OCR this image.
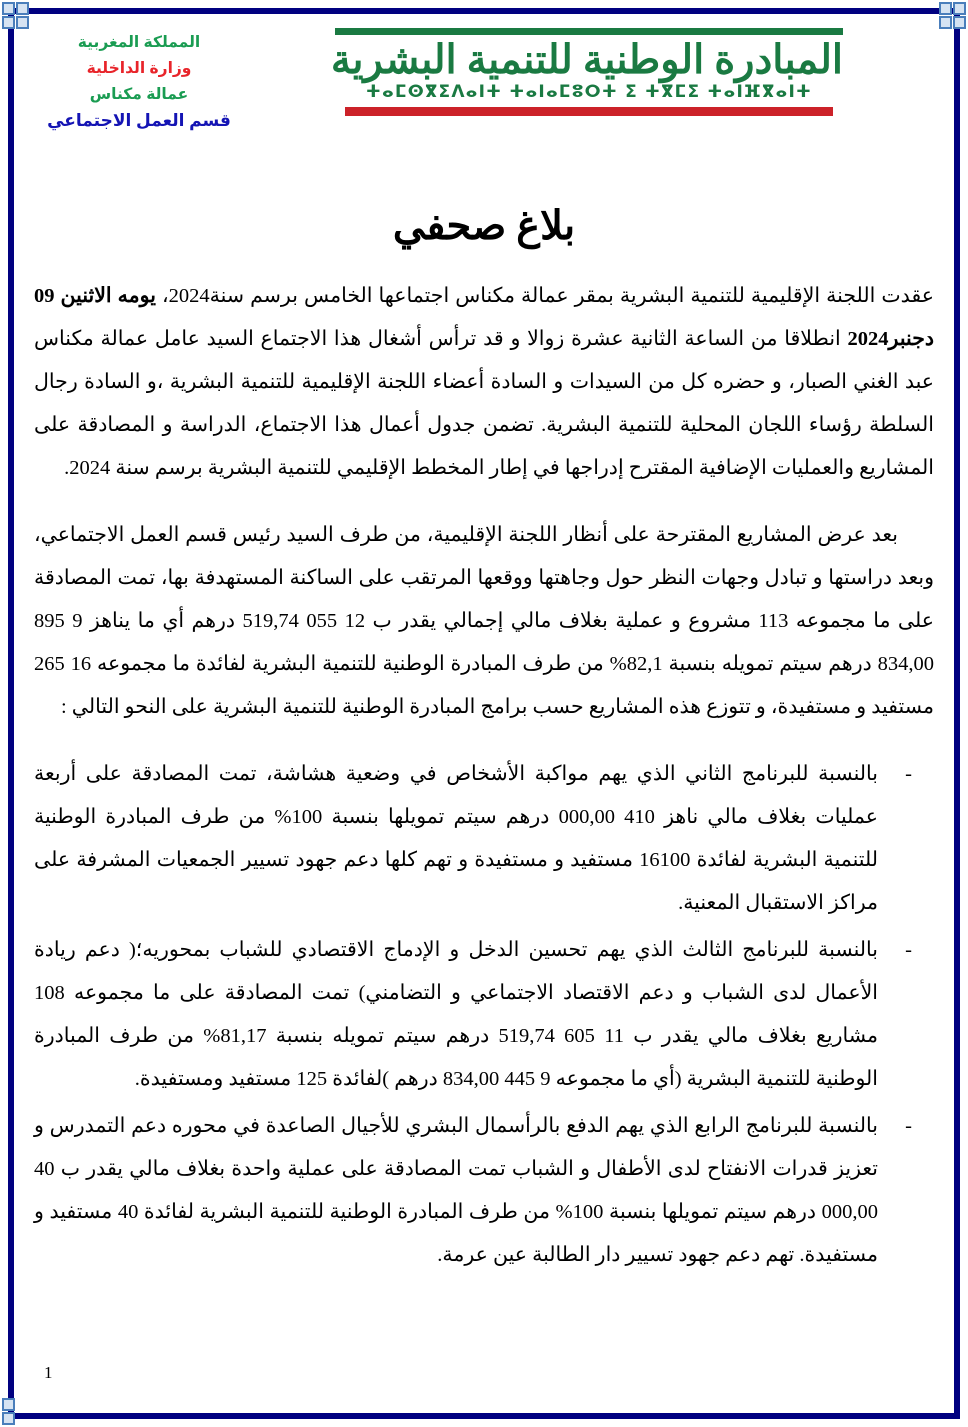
المبادرة الوطنية للتنمية البشرية
ⵜⴰⵎⵙⴳⵉⴷⴰⵏⵜ ⵜⴰⵏⴰⵎⵓⵔⵜ ⵉ ⵜⴳⵎⵉ ⵜⴰⵏⴼⴳⴰⵏⵜ
المملكة المغربية
وزارة الداخلية
عمالة مكناس
قسم العمل الاجتماعي
بلاغ صحفي

عقدت اللجنة الإقليمية للتنمية البشرية بمقر عمالة مكناس اجتماعها الخامس برسم سنة2024، يومه الاثنين 09 دجنبر2024 انطلاقا من الساعة الثانية عشرة زوالا و قد ترأس أشغال هذا الاجتماع السيد عامل عمالة مكناس عبد الغني الصبار، و حضره كل من السيدات و السادة أعضاء اللجنة الإقليمية للتنمية البشرية ،و السادة رجال السلطة رؤساء اللجان المحلية للتنمية البشرية. تضمن جدول أعمال هذا الاجتماع، الدراسة و المصادقة على المشاريع والعمليات الإضافية المقترح إدراجها في إطار المخطط الإقليمي للتنمية البشرية برسم سنة 2024.

بعد عرض المشاريع المقترحة على أنظار اللجنة الإقليمية، من طرف السيد رئيس قسم العمل الاجتماعي، وبعد دراستها و تبادل وجهات النظر حول وجاهتها ووقعها المرتقب على الساكنة المستهدفة بها، تمت المصادقة على ما مجموعه 113 مشروع و عملية بغلاف مالي إجمالي يقدر ب 12 055 519,74 درهم أي ما يناهز 9 895 834,00 درهم سيتم تمويله بنسبة 82,1% من طرف المبادرة الوطنية للتنمية البشرية لفائدة ما مجموعه 16 265 مستفيد و مستفيدة، و تتوزع هذه المشاريع حسب برامج المبادرة الوطنية للتنمية البشرية على النحو التالي :

-
بالنسبة للبرنامج الثاني الذي يهم مواكبة الأشخاص في وضعية هشاشة، تمت المصادقة على أربعة عمليات بغلاف مالي ناهز 410 000,00 درهم سيتم تمويلها بنسبة 100% من طرف المبادرة الوطنية للتنمية البشرية لفائدة 16100 مستفيد و مستفيدة و تهم كلها دعم جهود تسيير الجمعيات المشرفة على مراكز الاستقبال المعنية.
-
بالنسبة للبرنامج الثالث الذي يهم تحسين الدخل و الإدماج الاقتصادي للشباب بمحوريه؛( دعم ريادة الأعمال لدى الشباب و دعم الاقتصاد الاجتماعي و التضامني) تمت المصادقة على ما مجموعه 108 مشاريع بغلاف مالي يقدر ب 11 605 519,74 درهم سيتم تمويله بنسبة 81,17% من طرف المبادرة الوطنية للتنمية البشرية (أي ما مجموعه 9 445 834,00 درهم )لفائدة 125 مستفيد ومستفيدة.
-
بالنسبة للبرنامج الرابع الذي يهم الدفع بالرأسمال البشري للأجيال الصاعدة في محوره دعم التمدرس و تعزيز قدرات الانفتاح لدى الأطفال و الشباب تمت المصادقة على عملية واحدة بغلاف مالي يقدر ب 40 000,00 درهم سيتم تمويلها بنسبة 100% من طرف المبادرة الوطنية للتنمية البشرية لفائدة 40 مستفيد و مستفيدة. تهم دعم جهود تسيير دار الطالبة عين عرمة.
1
